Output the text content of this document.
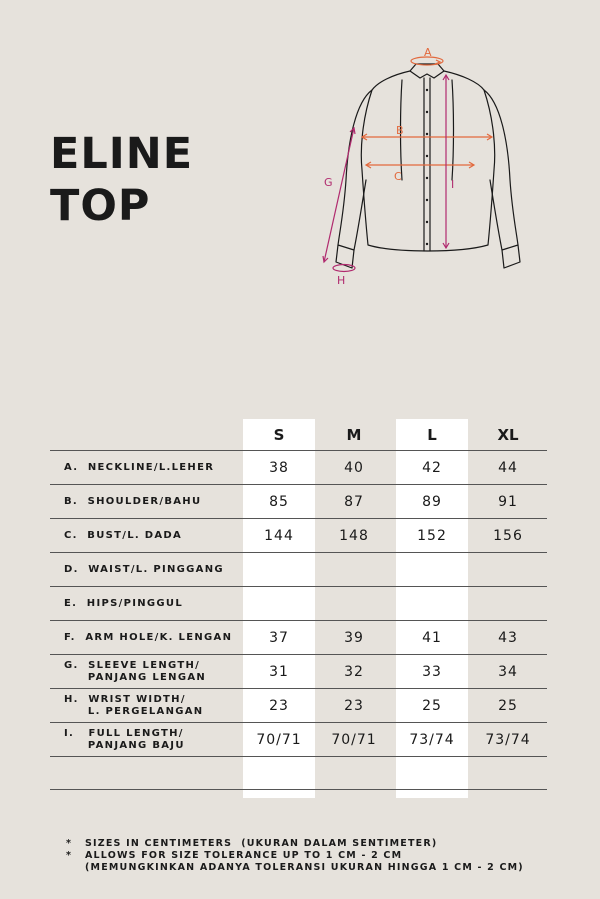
ELINE
TOP
A
B
C
G
H
I
S	M	L	XL
A.  NECKLINE/L.LEHER	38	40	42	44
B.  SHOULDER/BAHU	85	87	89	91
C.  BUST/L. DADA	144	148	152	156
D.  WAIST/L. PINGGANG
E.  HIPS/PINGGUL
F.  ARM HOLE/K. LENGAN	37	39	41	43
G.  SLEEVE LENGTH/
PANJANG LENGAN	31	32	33	34
H.  WRIST WIDTH/
L. PERGELANGAN	23	23	25	25
I.   FULL LENGTH/
PANJANG BAJU	70/71	70/71	73/74	73/74
*	SIZES IN CENTIMETERS  (UKURAN DALAM SENTIMETER)
*	ALLOWS FOR SIZE TOLERANCE UP TO 1 CM - 2 CM
(MEMUNGKINKAN ADANYA TOLERANSI UKURAN HINGGA 1 CM - 2 CM)
